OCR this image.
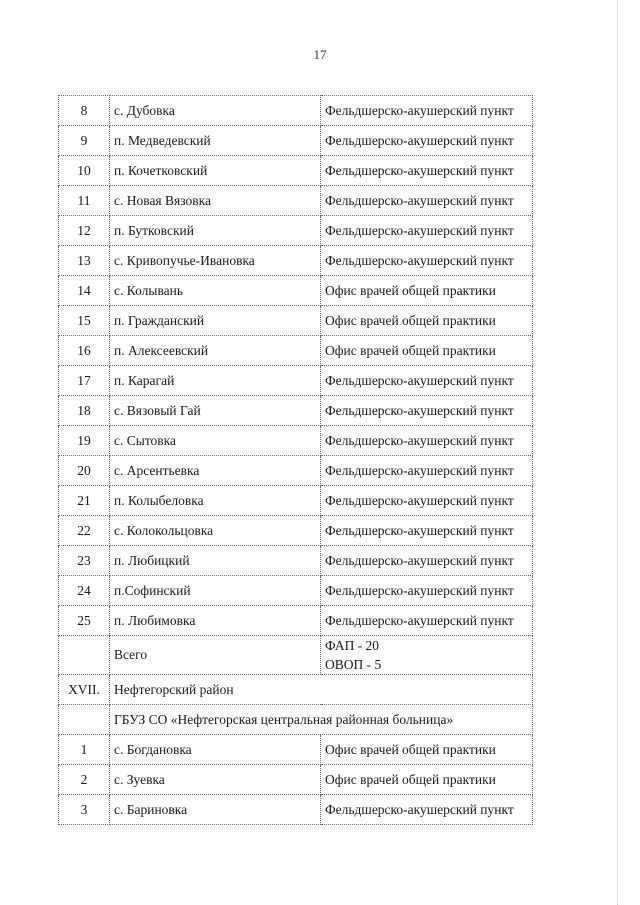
17
8	с. Дубовка	Фельдшерско-акушерский пункт
9	п. Медведевский	Фельдшерско-акушерский пункт
10	п. Кочетковский	Фельдшерско-акушерский пункт
11	с. Новая Вязовка	Фельдшерско-акушерский пункт
12	п. Бутковский	Фельдшерско-акушерский пункт
13	с. Кривопучье-Ивановка	Фельдшерско-акушерский пункт
14	с. Колывань	Офис врачей общей практики
15	п. Гражданский	Офис врачей общей практики
16	п. Алексеевский	Офис врачей общей практики
17	п. Карагай	Фельдшерско-акушерский пункт
18	с. Вязовый Гай	Фельдшерско-акушерский пункт
19	с. Сытовка	Фельдшерско-акушерский пункт
20	с. Арсентьевка	Фельдшерско-акушерский пункт
21	п. Колыбеловка	Фельдшерско-акушерский пункт
22	с. Колокольцовка	Фельдшерско-акушерский пункт
23	п. Любицкий	Фельдшерско-акушерский пункт
24	п.Софинский	Фельдшерско-акушерский пункт
25	п. Любимовка	Фельдшерско-акушерский пункт
	Всего	ФАП - 20
ОВОП - 5

XVII.	Нефтегорский район	
	ГБУЗ СО «Нефтегорская центральная районная больница»	
1	с. Богдановка	Офис врачей общей практики
2	с. Зуевка	Офис врачей общей практики
3	с. Бариновка	Фельдшерско-акушерский пункт
